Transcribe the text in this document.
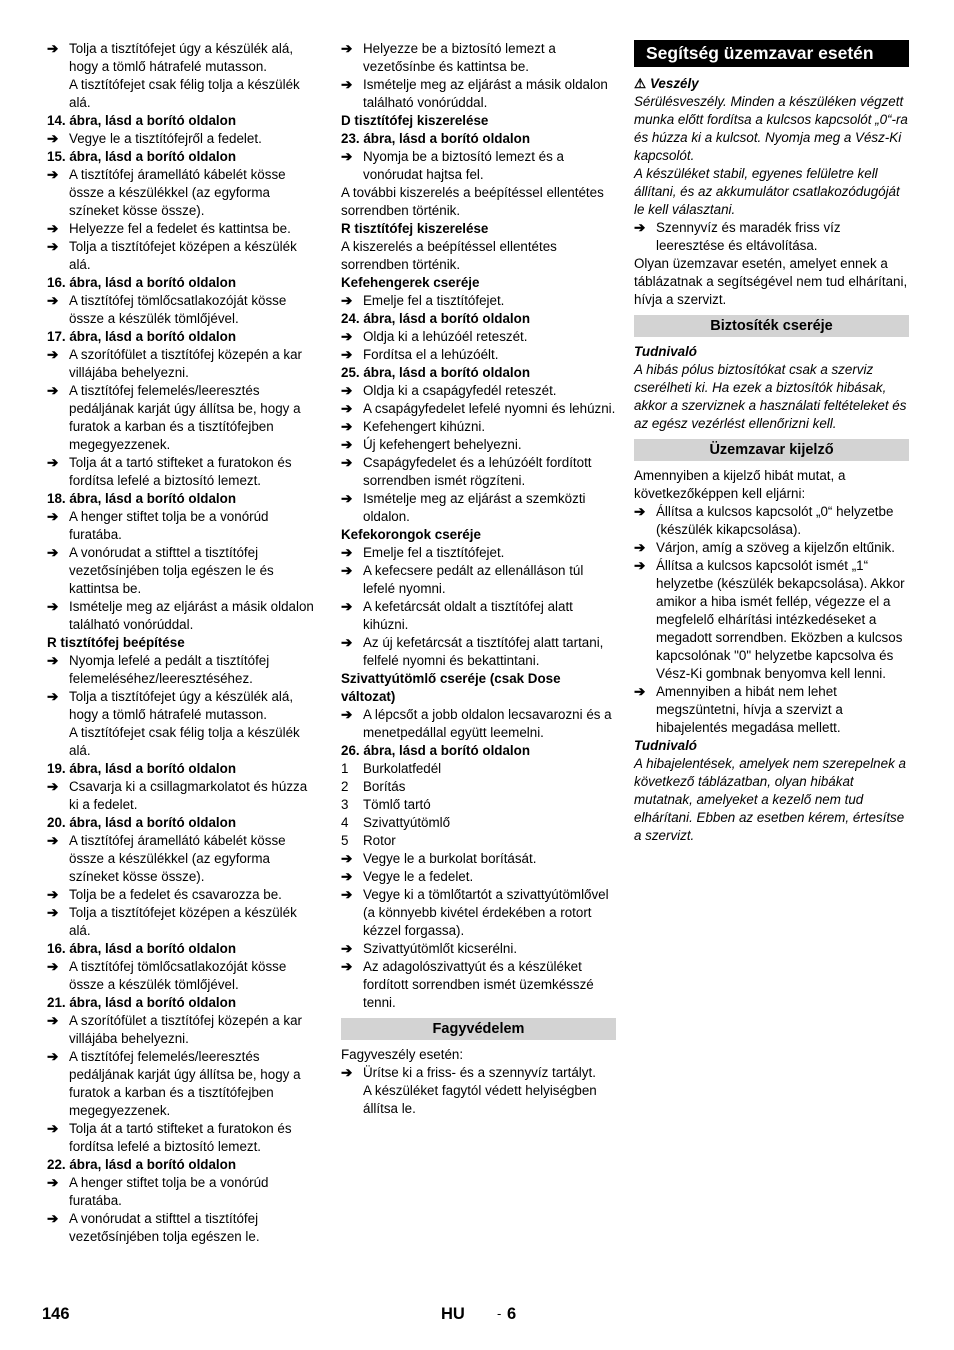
➔ Tolja a tisztítófejet úgy a készülék alá, hogy a tömlő hátrafelé mutasson.
A tisztítófejet csak félig tolja a készülék alá.
14. ábra, lásd a borító oldalon
➔ Vegye le a tisztítófejről a fedelet.
15. ábra, lásd a borító oldalon
➔ A tisztítófej áramellátó kábelét kösse össze a készülékkel (az egyforma színeket kösse össze).
➔ Helyezze fel a fedelet és kattintsa be.
➔ Tolja a tisztítófejet középen a készülék alá.
16. ábra, lásd a borító oldalon
➔ A tisztítófej tömlőcsatlakozóját kösse össze a készülék tömlőjével.
17. ábra, lásd a borító oldalon
➔ A szorítófület a tisztítófej közepén a kar villájába behelyezni.
➔ A tisztítófej felemelés/leeresztés pedáljának karját úgy állítsa be, hogy a furatok a karban és a tisztítófejben megegyezzenek.
➔ Tolja át a tartó stifteket a furatokon és fordítsa lefelé a biztosító lemezt.
18. ábra, lásd a borító oldalon
➔ A henger stiftet tolja be a vonórúd furatába.
➔ A vonórudat a stifttel a tisztítófej vezetősínjében tolja egészen le és kattintsa be.
➔ Ismételje meg az eljárást a másik oldalon található vonórúddal.
R tisztítófej beépítése
➔ Nyomja lefelé a pedált a tisztítófej felemeléséhez/leeresztéséhez.
➔ Tolja a tisztítófejet úgy a készülék alá, hogy a tömlő hátrafelé mutasson.
A tisztítófejet csak félig tolja a készülék alá.
19. ábra, lásd a borító oldalon
➔ Csavarja ki a csillagmarkolatot és húzza ki a fedelet.
20. ábra, lásd a borító oldalon
➔ A tisztítófej áramellátó kábelét kösse össze a készülékkel (az egyforma színeket kösse össze).
➔ Tolja be a fedelet és csavarozza be.
➔ Tolja a tisztítófejet középen a készülék alá.
16. ábra, lásd a borító oldalon
➔ A tisztítófej tömlőcsatlakozóját kösse össze a készülék tömlőjével.
21. ábra, lásd a borító oldalon
➔ A szorítófület a tisztítófej közepén a kar villájába behelyezni.
➔ A tisztítófej felemelés/leeresztés pedáljának karját úgy állítsa be, hogy a furatok a karban és a tisztítófejben megegyezzenek.
➔ Tolja át a tartó stifteket a furatokon és fordítsa lefelé a biztosító lemezt.
22. ábra, lásd a borító oldalon
➔ A henger stiftet tolja be a vonórúd furatába.
➔ A vonórudat a stifttel a tisztítófej vezetősínjében tolja egészen le.
➔ Helyezze be a biztosító lemezt a vezetősínbe és kattintsa be.
➔ Ismételje meg az eljárást a másik oldalon található vonórúddal.
D tisztítófej kiszerelése
23. ábra, lásd a borító oldalon
➔ Nyomja be a biztosító lemezt és a vonórudat hajtsa fel.
A további kiszerelés a beépítéssel ellentétes sorrendben történik.
R tisztítófej kiszerelése
A kiszerelés a beépítéssel ellentétes sorrendben történik.
Kefehengerek cseréje
➔ Emelje fel a tisztítófejet.
24. ábra, lásd a borító oldalon
➔ Oldja ki a lehúzóél reteszét.
➔ Fordítsa el a lehúzóélt.
25. ábra, lásd a borító oldalon
➔ Oldja ki a csapágyfedél reteszét.
➔ A csapágyfedelet lefelé nyomni és lehúzni.
➔ Kefehengert kihúzni.
➔ Új kefehengert behelyezni.
➔ Csapágyfedelet és a lehúzóélt fordított sorrendben ismét rögzíteni.
➔ Ismételje meg az eljárást a szemközti oldalon.
Kefekorongok cseréje
➔ Emelje fel a tisztítófejet.
➔ A kefecsere pedált az ellenálláson túl lefelé nyomni.
➔ A kefetárcsát oldalt a tisztítófej alatt kihúzni.
➔ Az új kefetárcsát a tisztítófej alatt tartani, felfelé nyomni és bekattintani.
Szivattyútömlő cseréje (csak Dose változat)
➔ A lépcsőt a jobb oldalon lecsavarozni és a menetpedállal együtt leemelni.
26. ábra, lásd a borító oldalon
1 Burkolatfedél
2 Borítás
3 Tömlő tartó
4 Szivattyútömlő
5 Rotor
➔ Vegye le a burkolat borítását.
➔ Vegye le a fedelet.
➔ Vegye ki a tömlőtartót a szivattyútömlővel (a könnyebb kivétel érdekében a rotort kézzel forgassa).
➔ Szivattyútömlőt kicserélni.
➔ Az adagolószivattyút és a készüléket fordított sorrendben ismét üzemkésszé tenni.
Fagyvédelem
Fagyveszély esetén:
➔ Ürítse ki a friss- és a szennyvíz tartályt.
A készüléket fagytól védett helyiségben állítsa le.
Segítség üzemzavar esetén
⚠ Veszély
Sérülésveszély. Minden a készüléken végzett munka előtt fordítsa a kulcsos kapcsolót „0“-ra és húzza ki a kulcsot. Nyomja meg a Vész-Ki kapcsolót.
A készüléket stabil, egyenes felületre kell állítani, és az akkumulátor csatlakozódugóját le kell választani.
➔ Szennyvíz és maradék friss víz leeresztése és eltávolítása.
Olyan üzemzavar esetén, amelyet ennek a táblázatnak a segítségével nem tud elhárítani, hívja a szervizt.
Biztosíték cseréje
Tudnivaló
A hibás pólus biztosítókat csak a szerviz cserélheti ki. Ha ezek a biztosítók hibásak, akkor a szerviznek a használati feltételeket és az egész vezérlést ellenőrizni kell.
Üzemzavar kijelző
Amennyiben a kijelző hibát mutat, a következőképpen kell eljárni:
➔ Állítsa a kulcsos kapcsolót „0“ helyzetbe (készülék kikapcsolása).
➔ Várjon, amíg a szöveg a kijelzőn eltűnik.
➔ Állítsa a kulcsos kapcsolót ismét „1“ helyzetbe (készülék bekapcsolása). Akkor amikor a hiba ismét fellép, végezze el a megfelelő elhárítási intézkedéseket a megadott sorrendben. Eközben a kulcsos kapcsolónak "0" helyzetbe kapcsolva és Vész-Ki gombnak benyomva kell lenni.
➔ Amennyiben a hibát nem lehet megszüntetni, hívja a szervizt a hibajelentés megadása mellett.
Tudnivaló
A hibajelentések, amelyek nem szerepelnek a következő táblázatban, olyan hibákat mutatnak, amelyeket a kezelő nem tud elhárítani. Ebben az esetben kérem, értesítse a szervizt.
146	HU - 6
